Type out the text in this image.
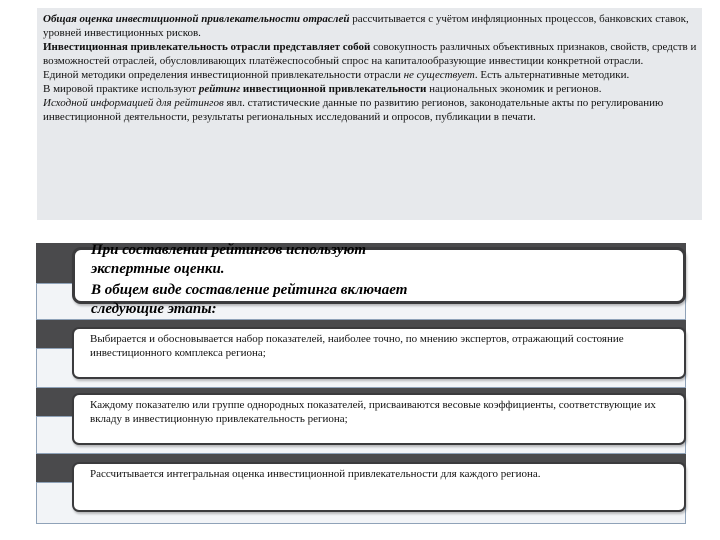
Общая оценка инвестиционной привлекательности отраслей рассчитывается с учётом инфляционных процессов, банковских ставок, уровней инвестиционных рисков.

Инвестиционная привлекательность отрасли представляет собой совокупность различных объективных признаков, свойств, средств и возможностей отраслей, обусловливающих платёжеспособный спрос на капиталообразующие инвестиции конкретной отрасли.

Единой методики определения инвестиционной привлекательности отрасли не существует. Есть альтернативные методики.

В мировой практике используют рейтинг инвестиционной привлекательности национальных экономик и регионов.

Исходной информацией для рейтингов явл. статистические данные по развитию регионов, законодательные акты по регулированию инвестиционной деятельности, результаты региональных исследований и опросов, публикации в печати.

При составлении рейтингов используют
экспертные оценки.
В общем виде составление рейтинга включает
следующие этапы:
Выбирается и обосновывается набор показателей, наиболее точно, по мнению экспертов, отражающий состояние инвестиционного комплекса региона;
Каждому показателю или группе однородных показателей, присваиваются весовые коэффициенты, соответствующие их вкладу в инвестиционную привлекательность региона;
Рассчитывается интегральная оценка инвестиционной привлекательности для каждого региона.
